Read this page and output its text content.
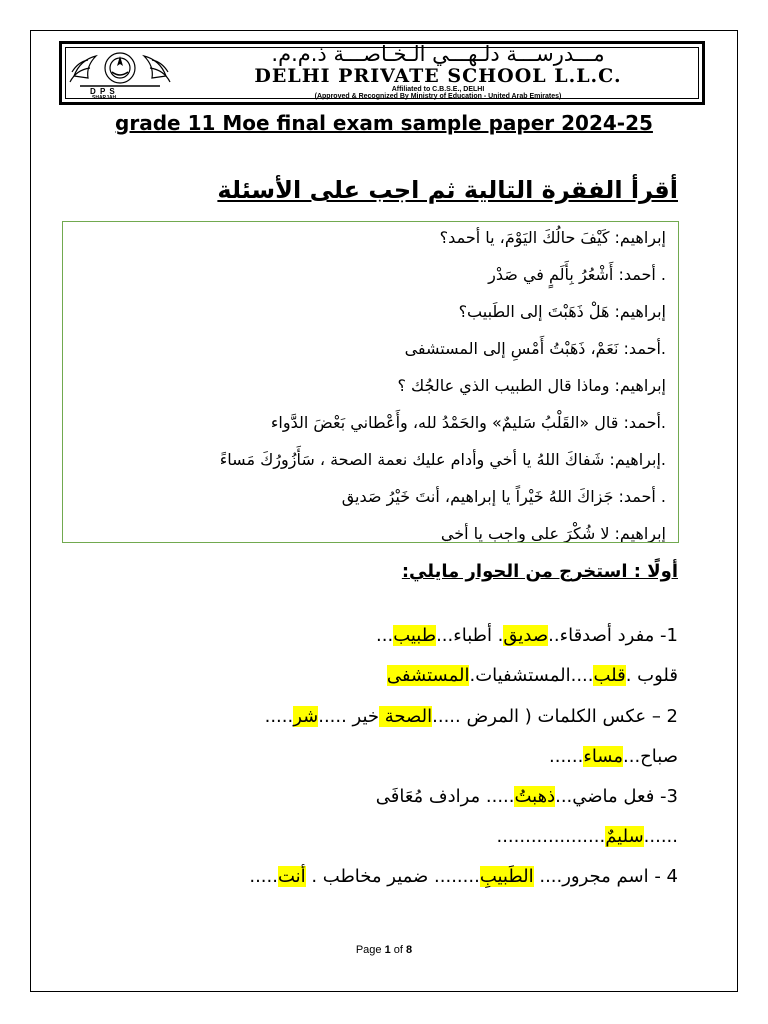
D P S
SHARJAH
مـــدرســـة دلـهـــي الـخـاصـــة ذ.م.م.
DELHI PRIVATE SCHOOL L.L.C.
Affiliated to C.B.S.E., DELHI
(Approved & Recognized By Ministry of Education - United Arab Emirates)
grade 11 Moe final exam sample paper 2024-25
أقرأ الفقرة التالية ثم اجب على الأسئلة
إبراهيم: كَيْفَ حالُكَ اليَوْمَ، يا أحمد؟
. أحمد: أَشْعُرُ بِأَلَمٍ في صَدْر
إبراهيم: هَلْ ذَهَبْتَ إلى الطَبيب؟
.أحمد: نَعَمْ، ذَهَبْتُ أَمْسِ إلى المستشفى
إبراهيم: وماذا قال الطبيب الذي عالجُك ؟
.أحمد: قال «القَلْبُ سَليمٌ» والحَمْدُ لله، وأَعْطاني بَعْضَ الدَّواء
.إبراهيم: شَفاكَ اللهُ يا أخي وأدام عليك نعمة الصحة ، سَأَزُورُكَ مَساءً
. أحمد: جَزاكَ اللهُ خَيْراً يا إبراهيم، أنتَ خَيْرُ صَديق
إبراهيم: لا شُكْرَ على واجب يا أخي
أولًا : استخرج من الحوار مايلي:
1- مفرد أصدقاء..صديق. أطباء...طبيب...
قلوب .قلب....المستشفيات.المستشفى
2 – عكس الكلمات ( المرض .....الصحة خير .....شر.....
صباح...مساء......
3- فعل ماضي...ذهبتُ..... مرادف مُعَافَى
......سليمٌ...................
4 - اسم مجرور.... الطَبيبِ........ ضمير مخاطب . أنت.....
Page 1 of 8
